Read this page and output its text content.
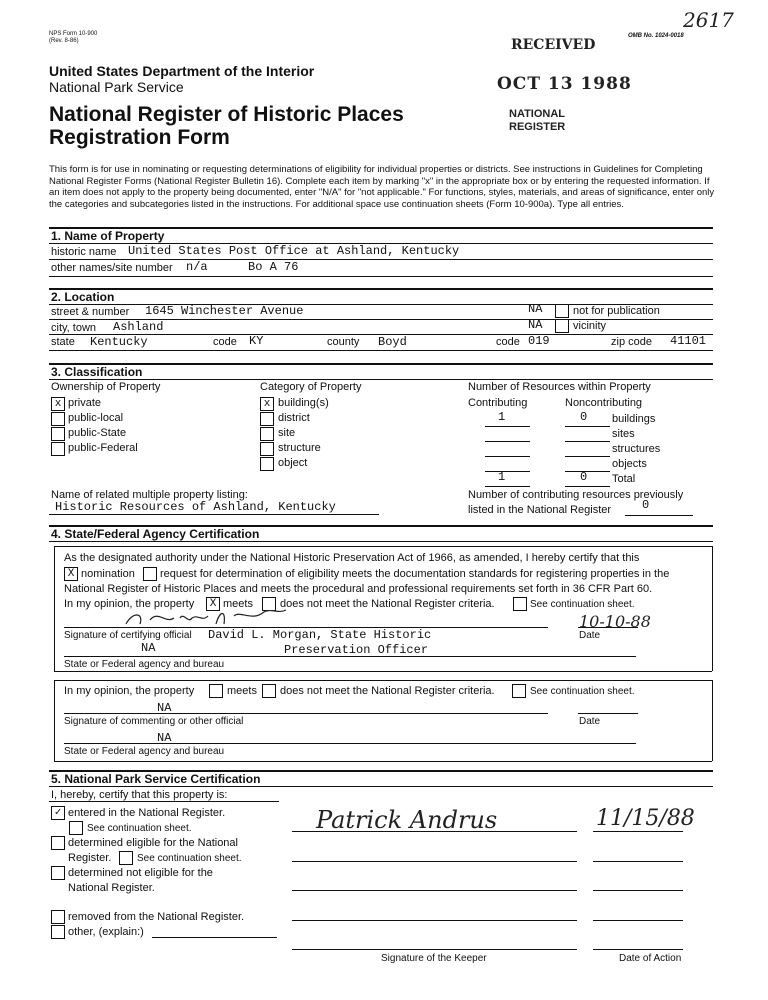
NPS Form 10-900
(Rev. 8-86)
OMB No. 1024-0018
2617
RECEIVED
OCT 13 1988
NATIONAL
REGISTER
United States Department of the Interior
National Park Service
National Register of Historic Places
Registration Form
This form is for use in nominating or requesting determinations of eligibility for individual properties or districts. See instructions in Guidelines for Completing National Register Forms (National Register Bulletin 16). Complete each item by marking "x" in the appropriate box or by entering the requested information. If an item does not apply to the property being documented, enter "N/A" for "not applicable." For functions, styles, materials, and areas of significance, enter only the categories and subcategories listed in the instructions. For additional space use continuation sheets (Form 10-900a). Type all entries.
1. Name of Property
historic name United States Post Office at Ashland, Kentucky
other names/site number n/a	Bo A 76
2. Location
street & number 1645 Winchester Avenue	NA	not for publication
city, town Ashland	NA	vicinity
state Kentucky	code KY	county Boyd	code 019	zip code 41101
3. Classification
Ownership of Property
x private
public-local
public-State
public-Federal
Category of Property
x building(s)
district
site
structure
object
Number of Resources within Property
Contributing	Noncontributing
1	0 buildings
sites
structures
objects
1	0 Total
Name of related multiple property listing:
Historic Resources of Ashland, Kentucky
Number of contributing resources previously
listed in the National Register	0
4. State/Federal Agency Certification
As the designated authority under the National Historic Preservation Act of 1966, as amended, I hereby certify that this
X nomination request for determination of eligibility meets the documentation standards for registering properties in the
National Register of Historic Places and meets the procedural and professional requirements set forth in 36 CFR Part 60.
In my opinion, the property	X meets does not meet the National Register criteria.	See continuation sheet.
10-10-88
Signature of certifying official David L. Morgan, State Historic
Preservation Officer
Date
NA
State or Federal agency and bureau
In my opinion, the property	meets does not meet the National Register criteria.	See continuation sheet.
NA
Signature of commenting or other official	Date
NA
State or Federal agency and bureau
5. National Park Service Certification
I, hereby, certify that this property is:
✓ entered in the National Register.
See continuation sheet.
determined eligible for the National
Register.	See continuation sheet.
determined not eligible for the
National Register.
removed from the National Register.
other, (explain:)
Patrick Andrus	11/15/88
Signature of the Keeper	Date of Action
